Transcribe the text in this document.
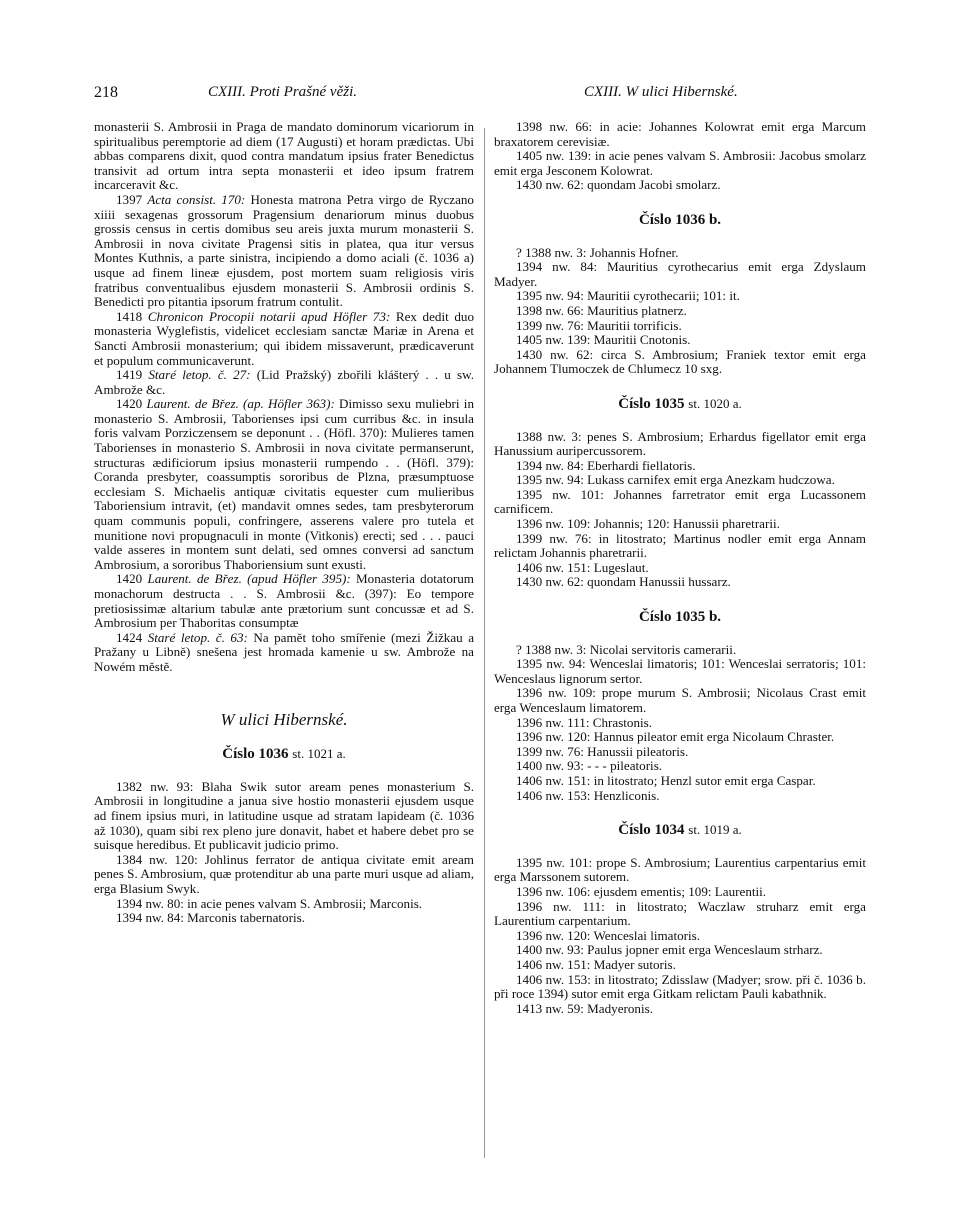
218	CXIII. Proti Prašné věži.	CXIII. W ulici Hibernské.

monasterii S. Ambrosii in Praga de mandato dominorum vicariorum in spiritualibus peremptorie ad diem (17 Augusti) et horam prædictas. Ubi abbas comparens dixit, quod contra mandatum ipsius frater Benedictus transivit ad ortum intra septa monasterii et ideo ipsum fratrem incarceravit &c.

1397 Acta consist. 170: Honesta matrona Petra virgo de Ryczano xiiii sexagenas grossorum Pragensium denariorum minus duobus grossis census in certis domibus seu areis juxta murum monasterii S. Ambrosii in nova civitate Pragensi sitis in platea, qua itur versus Montes Kuthnis, a parte sinistra, incipiendo a domo aciali (č. 1036 a) usque ad finem lineæ ejusdem, post mortem suam religiosis viris fratribus conventualibus ejusdem monasterii S. Ambrosii ordinis S. Benedicti pro pitantia ipsorum fratrum contulit.

1418 Chronicon Procopii notarii apud Höfler 73: Rex dedit duo monasteria Wyglefistis, videlicet ecclesiam sanctæ Mariæ in Arena et Sancti Ambrosii monasterium; qui ibidem missaverunt, prædicaverunt et populum communicaverunt.

1419 Staré letop. č. 27: (Lid Pražský) zbořili klášterý . . u sw. Ambrože &c.

1420 Laurent. de Břez. (ap. Höfler 363): Dimisso sexu muliebri in monasterio S. Ambrosii, Taborienses ipsi cum curribus &c. in insula foris valvam Porziczensem se deponunt . . (Höfl. 370): Mulieres tamen Taborienses in monasterio S. Ambrosii in nova civitate permanserunt, structuras ædificiorum ipsius monasterii rumpendo . . (Höfl. 379): Coranda presbyter, coassumptis sororibus de Plzna, præsumptuose ecclesiam S. Michaelis antiquæ civitatis equester cum mulieribus Taboriensium intravit, (et) mandavit omnes sedes, tam presbyterorum quam communis populi, confringere, asserens valere pro tutela et munitione novi propugnaculi in monte (Vitkonis) erecti; sed . . . pauci valde asseres in montem sunt delati, sed omnes conversi ad sanctum Ambrosium, a sororibus Thaboriensium sunt exusti.

1420 Laurent. de Břez. (apud Höfler 395): Monasteria dotatorum monachorum destructa . . S. Ambrosii &c. (397): Eo tempore pretiosissimæ altarium tabulæ ante prætorium sunt concussæ et ad S. Ambrosium per Thaboritas consumptæ

1424 Staré letop. č. 63: Na pamět toho smířenie (mezi Žižkau a Pražany u Libně) snešena jest hromada kamenie u sw. Ambrože na Nowém městě.

W ulici Hibernské.
Číslo 1036 st. 1021 a.

1382 nw. 93: Blaha Swik sutor aream penes monasterium S. Ambrosii in longitudine a janua sive hostio monasterii ejusdem usque ad finem ipsius muri, in latitudine usque ad stratam lapideam (č. 1036 až 1030), quam sibi rex pleno jure donavit, habet et habere debet pro se suisque heredibus. Et publicavit judicio primo.

1384 nw. 120: Johlinus ferrator de antiqua civitate emit aream penes S. Ambrosium, quæ protenditur ab una parte muri usque ad aliam, erga Blasium Swyk.

1394 nw. 80: in acie penes valvam S. Ambrosii; Marconis.

1394 nw. 84: Marconis tabernatoris.

1398 nw. 66: in acie: Johannes Kolowrat emit erga Marcum braxatorem cerevisiæ.

1405 nw. 139: in acie penes valvam S. Ambrosii: Jacobus smolarz emit erga Jesconem Kolowrat.

1430 nw. 62: quondam Jacobi smolarz.

Číslo 1036 b.

? 1388 nw. 3: Johannis Hofner.

1394 nw. 84: Mauritius cyrothecarius emit erga Zdyslaum Madyer.

1395 nw. 94: Mauritii cyrothecarii; 101: it.

1398 nw. 66: Mauritius platnerz.

1399 nw. 76: Mauritii torrificis.

1405 nw. 139: Mauritii Cnotonis.

1430 nw. 62: circa S. Ambrosium; Franiek textor emit erga Johannem Tlumoczek de Chlumecz 10 sxg.

Číslo 1035 st. 1020 a.

1388 nw. 3: penes S. Ambrosium; Erhardus figellator emit erga Hanussium auripercussorem.

1394 nw. 84: Eberhardi fiellatoris.

1395 nw. 94: Lukass carnifex emit erga Anezkam hudczowa.

1395 nw. 101: Johannes farretrator emit erga Lucassonem carnificem.

1396 nw. 109: Johannis; 120: Hanussii pharetrarii.

1399 nw. 76: in litostrato; Martinus nodler emit erga Annam relictam Johannis pharetrarii.

1406 nw. 151: Lugeslaut.

1430 nw. 62: quondam Hanussii hussarz.

Číslo 1035 b.

? 1388 nw. 3: Nicolai servitoris camerarii.

1395 nw. 94: Wenceslai limatoris; 101: Wenceslai serratoris; 101: Wenceslaus lignorum sertor.

1396 nw. 109: prope murum S. Ambrosii; Nicolaus Crast emit erga Wenceslaum limatorem.

1396 nw. 111: Chrastonis.

1396 nw. 120: Hannus pileator emit erga Nicolaum Chraster.

1399 nw. 76: Hanussii pileatoris.

1400 nw. 93: - - - pileatoris.

1406 nw. 151: in litostrato; Henzl sutor emit erga Caspar.

1406 nw. 153: Henzliconis.

Číslo 1034 st. 1019 a.

1395 nw. 101: prope S. Ambrosium; Laurentius carpentarius emit erga Marssonem sutorem.

1396 nw. 106: ejusdem ementis; 109: Laurentii.

1396 nw. 111: in litostrato; Waczlaw struharz emit erga Laurentium carpentarium.

1396 nw. 120: Wenceslai limatoris.

1400 nw. 93: Paulus jopner emit erga Wenceslaum strharz.

1406 nw. 151: Madyer sutoris.

1406 nw. 153: in litostrato; Zdisslaw (Madyer; srow. při č. 1036 b. při roce 1394) sutor emit erga Gitkam relictam Pauli kabathnik.

1413 nw. 59: Madyeronis.
